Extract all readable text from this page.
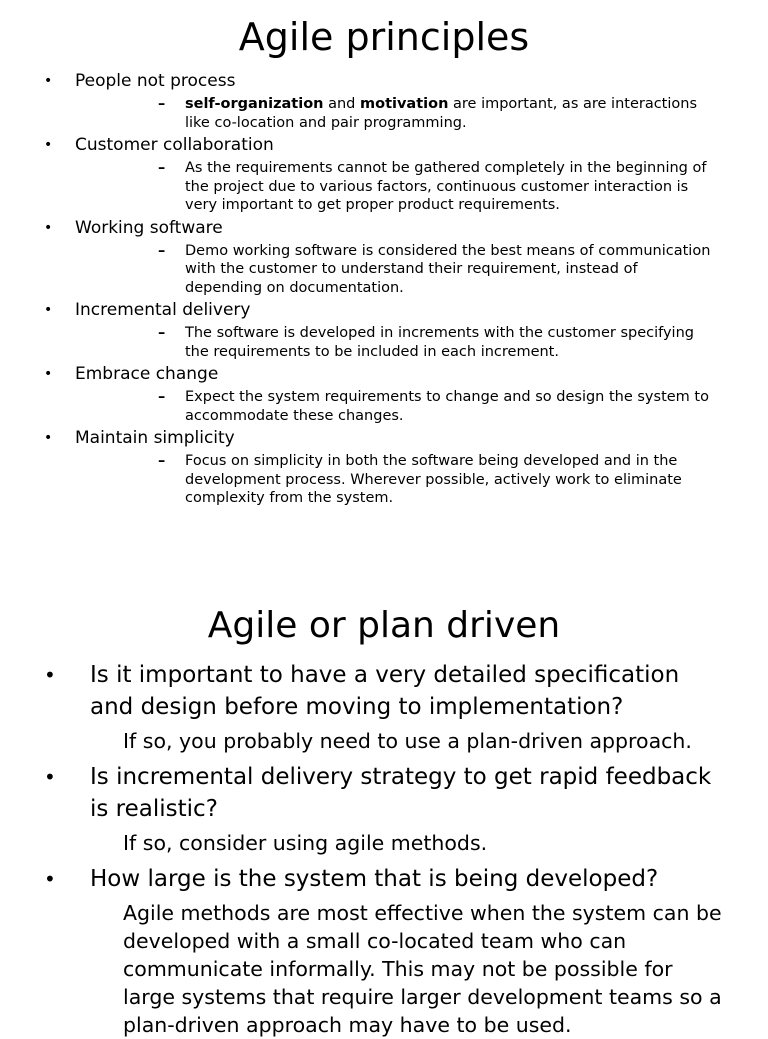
Agile principles
• People not process
– self-organization and motivation are important, as are interactions like co-location and pair programming.
• Customer collaboration
– As the requirements cannot be gathered completely in the beginning of the project due to various factors, continuous customer interaction is very important to get proper product requirements.
• Working software
– Demo working software is considered the best means of communication with the customer to understand their requirement, instead of depending on documentation.
• Incremental delivery
– The software is developed in increments with the customer specifying the requirements to be included in each increment.
• Embrace change
– Expect the system requirements to change and so design the system to accommodate these changes.
• Maintain simplicity
– Focus on simplicity in both the software being developed and in the development process. Wherever possible, actively work to eliminate complexity from the system.
Agile or plan driven
• Is it important to have a very detailed specification and design before moving to implementation?
If so, you probably need to use a plan-driven approach.
• Is incremental delivery strategy to get rapid feedback is realistic?
If so, consider using agile methods.
• How large is the system that is being developed?
Agile methods are most effective when the system can be developed with a small co-located team who can communicate informally. This may not be possible for large systems that require larger development teams so a plan-driven approach may have to be used.
